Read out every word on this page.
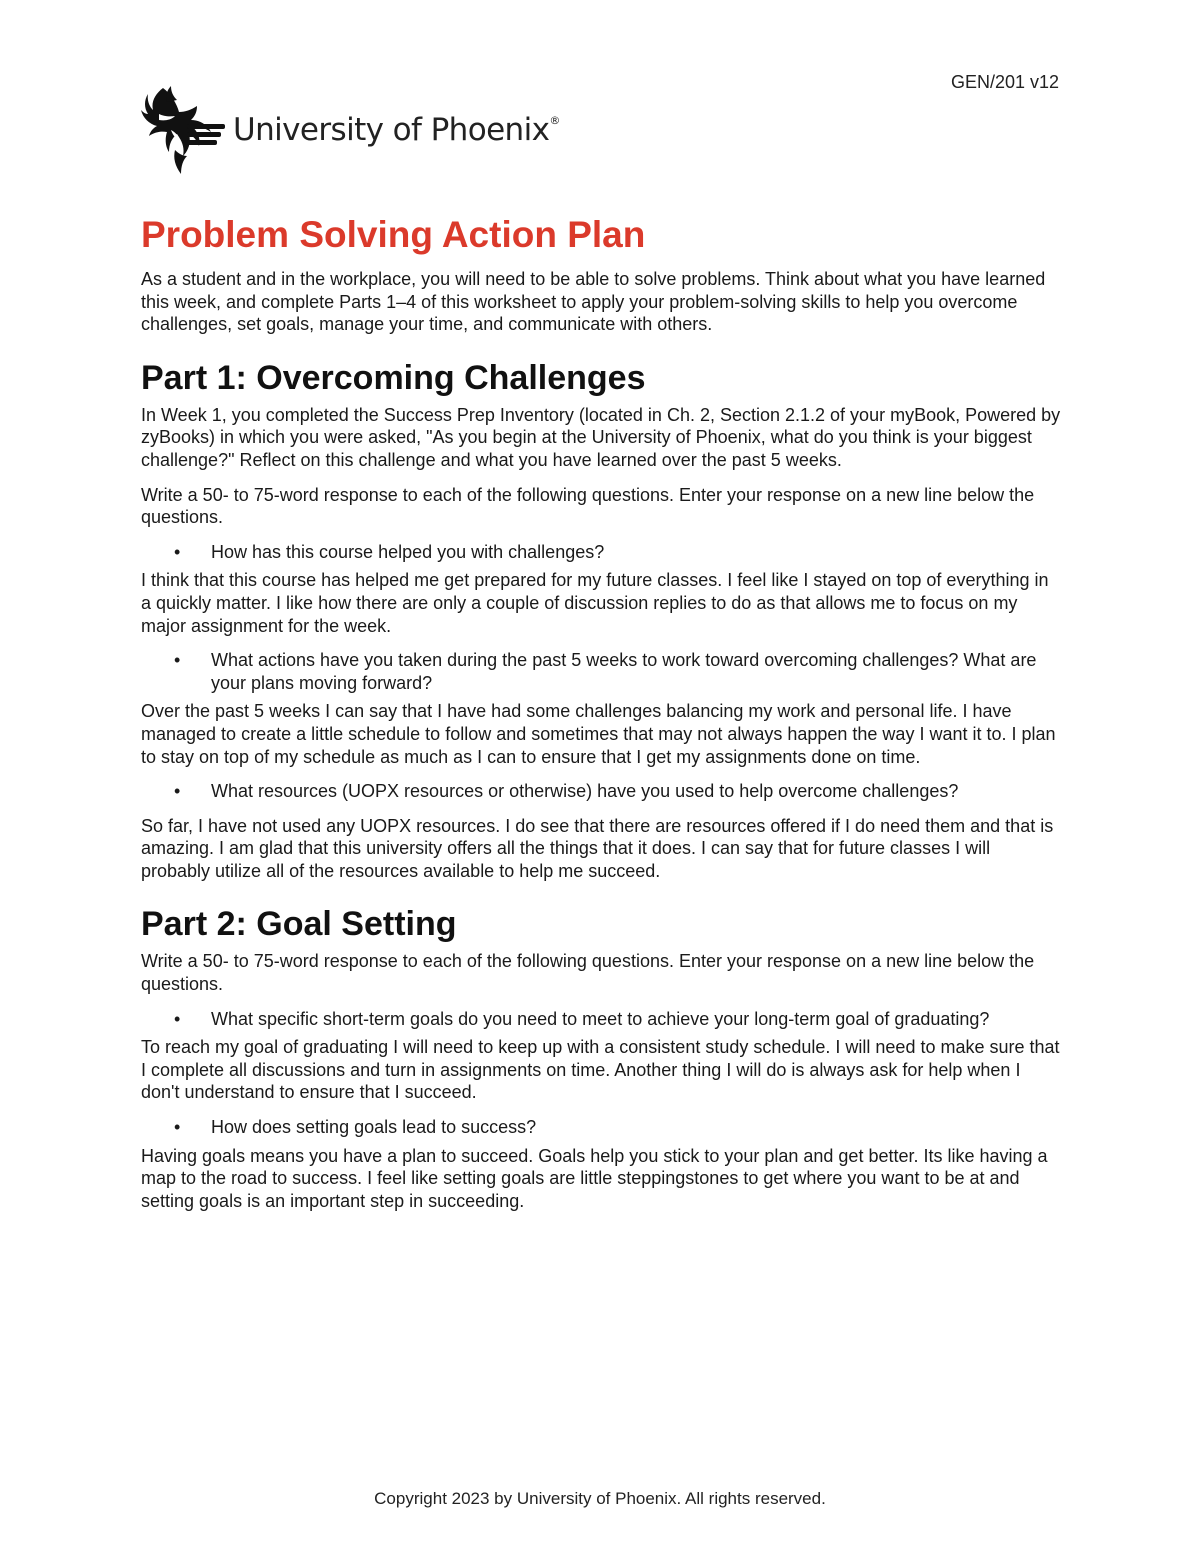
GEN/201 v12
University of Phoenix®
Problem Solving Action Plan

As a student and in the workplace, you will need to be able to solve problems. Think about what you have learned this week, and complete Parts 1–4 of this worksheet to apply your problem-solving skills to help you overcome challenges, set goals, manage your time, and communicate with others.

Part 1: Overcoming Challenges

In Week 1, you completed the Success Prep Inventory (located in Ch. 2, Section 2.1.2 of your myBook, Powered by zyBooks) in which you were asked, "As you begin at the University of Phoenix, what do you think is your biggest challenge?" Reflect on this challenge and what you have learned over the past 5 weeks.

Write a 50- to 75-word response to each of the following questions. Enter your response on a new line below the questions.

• How has this course helped you with challenges?

I think that this course has helped me get prepared for my future classes. I feel like I stayed on top of everything in a quickly matter. I like how there are only a couple of discussion replies to do as that allows me to focus on my major assignment for the week.

• What actions have you taken during the past 5 weeks to work toward overcoming challenges? What are your plans moving forward?

Over the past 5 weeks I can say that I have had some challenges balancing my work and personal life. I have managed to create a little schedule to follow and sometimes that may not always happen the way I want it to. I plan to stay on top of my schedule as much as I can to ensure that I get my assignments done on time.

• What resources (UOPX resources or otherwise) have you used to help overcome challenges?

So far, I have not used any UOPX resources. I do see that there are resources offered if I do need them and that is amazing. I am glad that this university offers all the things that it does. I can say that for future classes I will probably utilize all of the resources available to help me succeed.

Part 2: Goal Setting

Write a 50- to 75-word response to each of the following questions. Enter your response on a new line below the questions.

• What specific short-term goals do you need to meet to achieve your long-term goal of graduating?

To reach my goal of graduating I will need to keep up with a consistent study schedule. I will need to make sure that I complete all discussions and turn in assignments on time. Another thing I will do is always ask for help when I don't understand to ensure that I succeed.

• How does setting goals lead to success?

Having goals means you have a plan to succeed. Goals help you stick to your plan and get better. Its like having a map to the road to success. I feel like setting goals are little steppingstones to get where you want to be at and setting goals is an important step in succeeding.

Copyright 2023 by University of Phoenix. All rights reserved.
